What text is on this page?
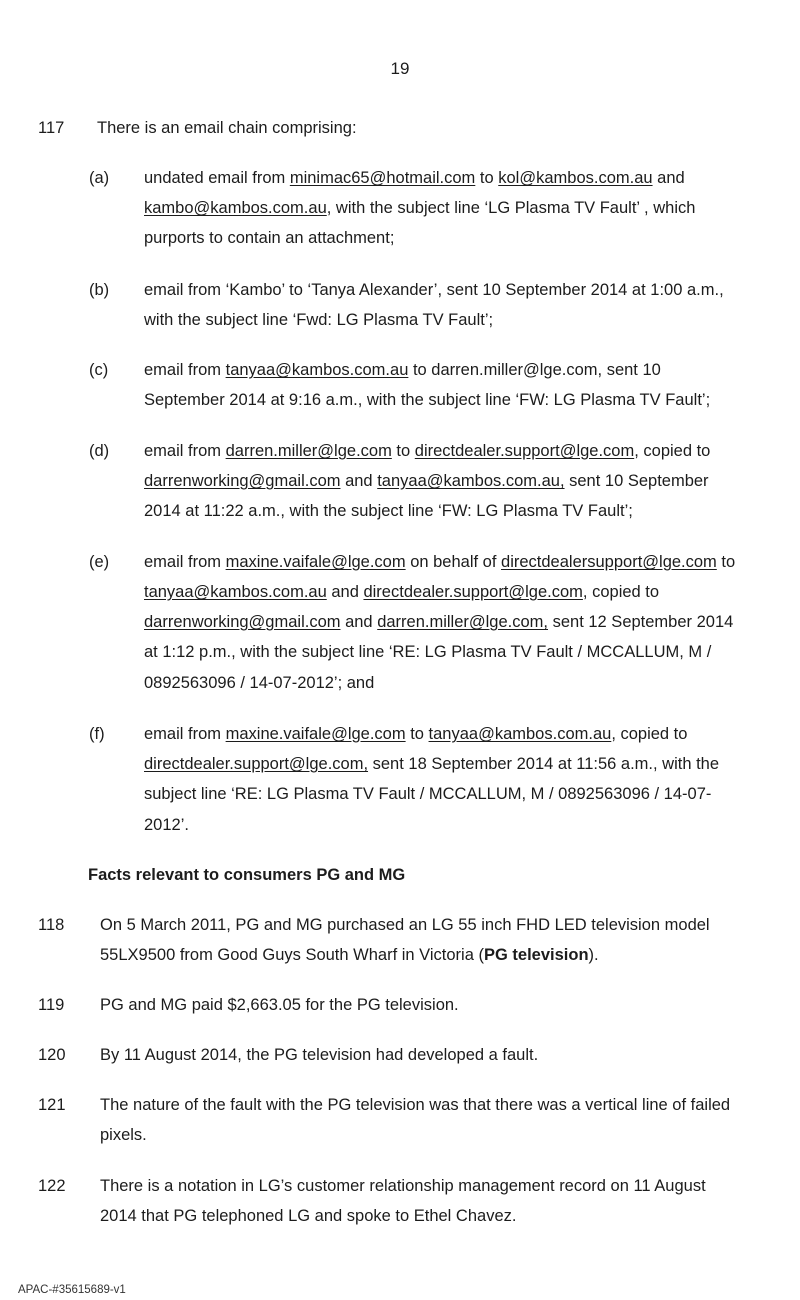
19
117 There is an email chain comprising:
(a) undated email from minimac65@hotmail.com to kol@kambos.com.au and
kambo@kambos.com.au, with the subject line ‘LG Plasma TV Fault’ , which
purports to contain an attachment;
(b) email from ‘Kambo’ to ‘Tanya Alexander’, sent 10 September 2014 at 1:00 a.m.,
with the subject line ‘Fwd: LG Plasma TV Fault’;
(c) email from tanyaa@kambos.com.au to darren.miller@lge.com, sent 10
September 2014 at 9:16 a.m., with the subject line ‘FW: LG Plasma TV Fault’;
(d) email from darren.miller@lge.com to directdealer.support@lge.com, copied to
darrenworking@gmail.com and tanyaa@kambos.com.au, sent 10 September
2014 at 11:22 a.m., with the subject line ‘FW: LG Plasma TV Fault’;
(e) email from maxine.vaifale@lge.com on behalf of directdealersupport@lge.com to
tanyaa@kambos.com.au and directdealer.support@lge.com, copied to
darrenworking@gmail.com and darren.miller@lge.com, sent 12 September 2014
at 1:12 p.m., with the subject line ‘RE: LG Plasma TV Fault / MCCALLUM, M /
0892563096 / 14-07-2012’; and
(f) email from maxine.vaifale@lge.com to tanyaa@kambos.com.au, copied to
directdealer.support@lge.com, sent 18 September 2014 at 11:56 a.m., with the
subject line ‘RE: LG Plasma TV Fault / MCCALLUM, M / 0892563096 / 14-07-
2012’.
Facts relevant to consumers PG and MG
118 On 5 March 2011, PG and MG purchased an LG 55 inch FHD LED television model
55LX9500 from Good Guys South Wharf in Victoria (PG television).
119 PG and MG paid $2,663.05 for the PG television.
120 By 11 August 2014, the PG television had developed a fault.
121 The nature of the fault with the PG television was that there was a vertical line of failed
pixels.
122 There is a notation in LG’s customer relationship management record on 11 August
2014 that PG telephoned LG and spoke to Ethel Chavez.
APAC-#35615689-v1
